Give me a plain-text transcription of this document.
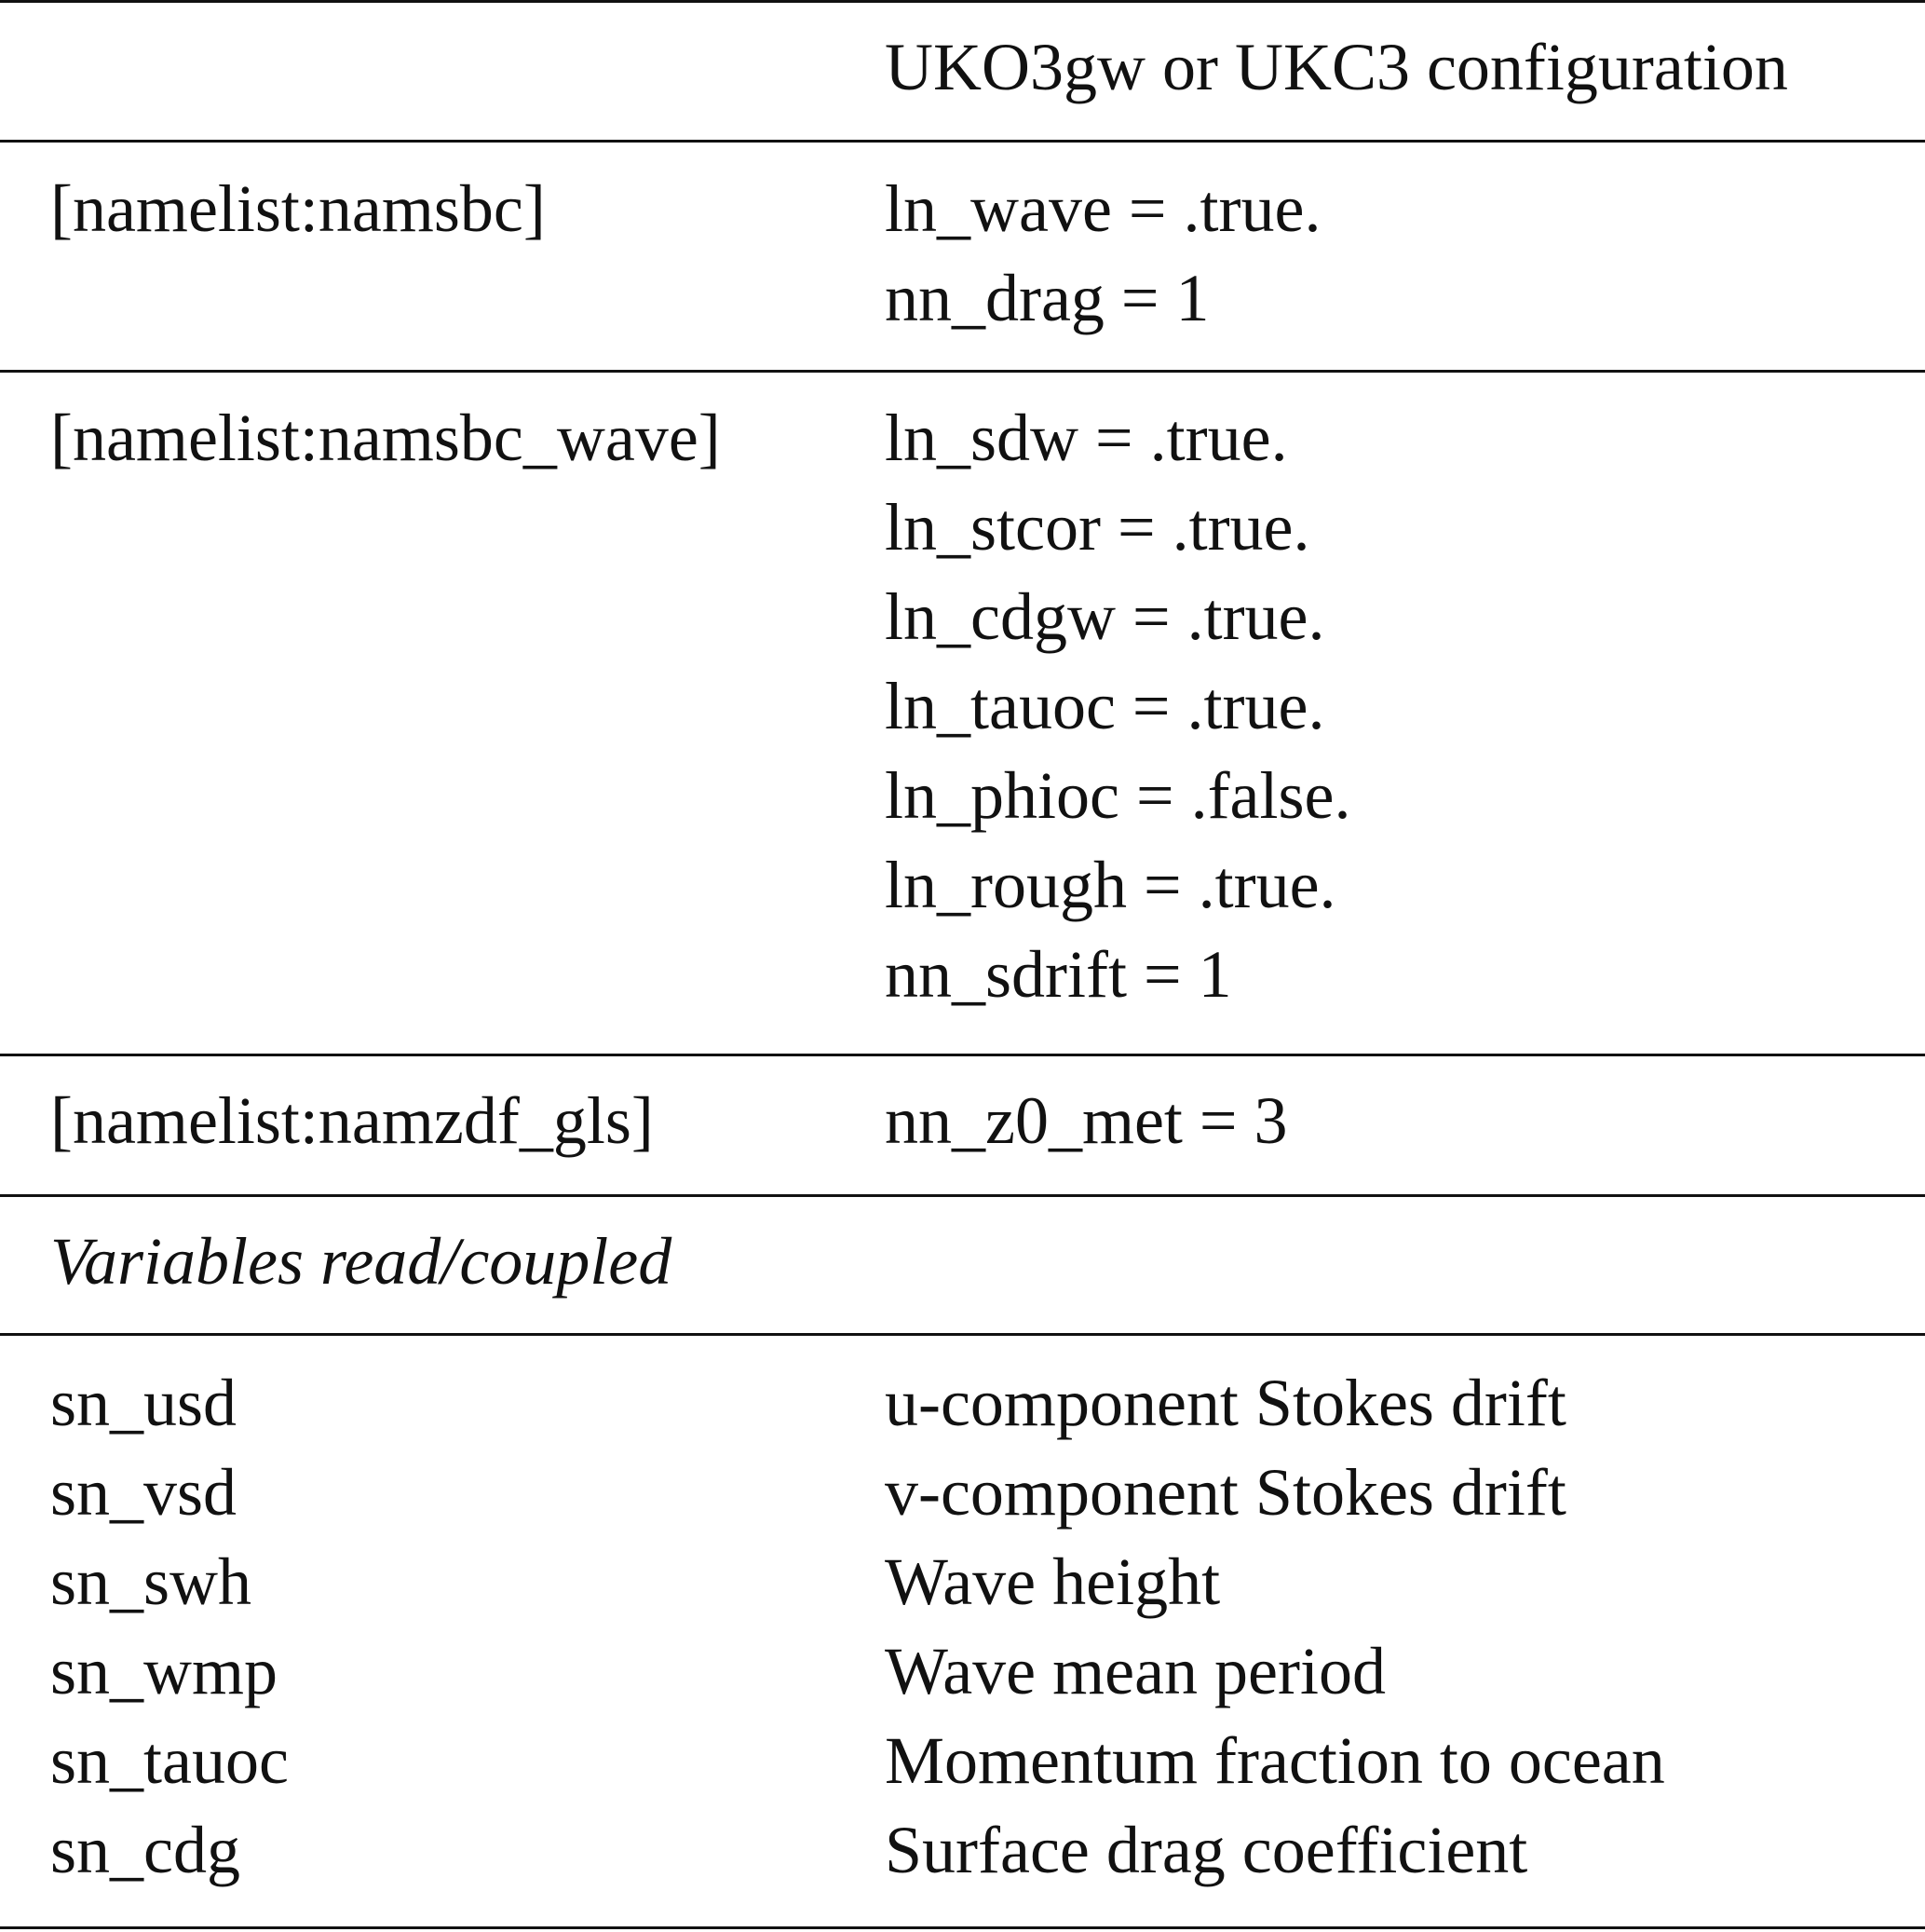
UKO3gw or UKC3 configuration
[namelist:namsbc]	ln_wave = .true.
nn_drag = 1
[namelist:namsbc_wave] ln_sdw = .true.
ln_stcor = .true.
ln_cdgw = .true.
ln_tauoc = .true.
ln_phioc = .false.
ln_rough = .true.
nn_sdrift = 1
[namelist:namzdf_gls]	nn_z0_met = 3
Variables read/coupled
sn_usd
sn_vsd
sn_swh
sn_wmp
sn_tauoc
sn_cdg
u-component Stokes drift
v-component Stokes drift
Wave height
Wave mean period
Momentum fraction to ocean
Surface drag coefficient
